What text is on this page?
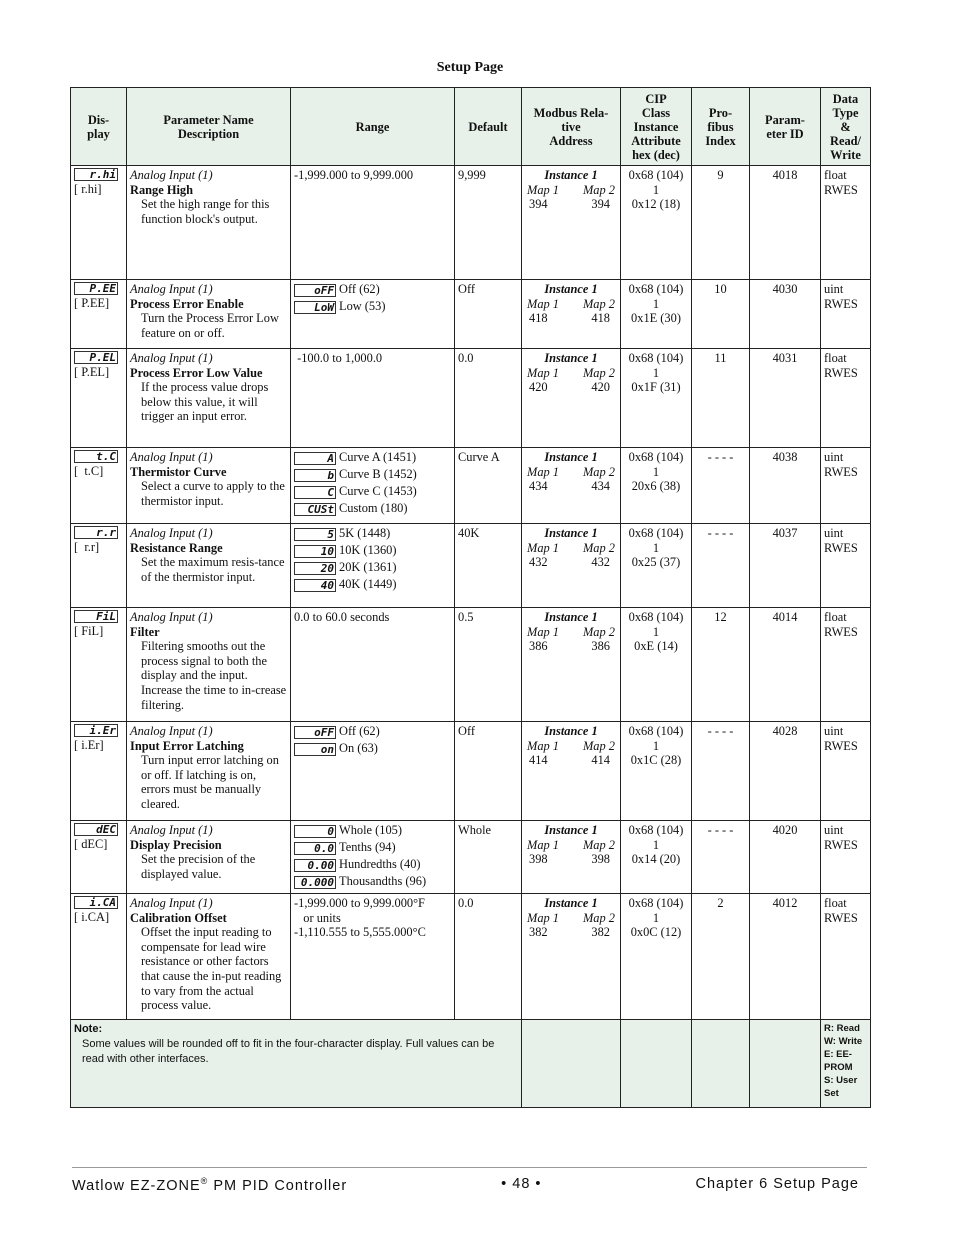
Setup Page
Dis-
play	Parameter Name
Description	Range	Default	Modbus Rela-
tive
Address	CIP
Class
Instance
Attribute
hex (dec)	Pro-
fibus
Index	Param-
eter ID	Data
Type
&
Read/
Write

r.hi
[ r.hi]	Analog Input (1)
Range High
Set the high range for this function block's output.	-1,999.000 to 9,999.000	9,999	Instance 1
Map 1 Map 2
394 394	0x68 (104)
1
0x12 (18)	9	4018	float
RWES

P.EE
[ P.EE]	Analog Input (1)
Process Error Enable
Turn the Process Error Low feature on or off.	oFF Off (62)
LoW Low (53)	Off	Instance 1
Map 1 Map 2
418 418	0x68 (104)
1
0x1E (30)	10	4030	uint
RWES

P.EL
[ P.EL]	Analog Input (1)
Process Error Low Value
If the process value drops below this value, it will trigger an input error.	-100.0 to 1,000.0	0.0	Instance 1
Map 1 Map 2
420 420	0x68 (104)
1
0x1F (31)	11	4031	float
RWES

t.C
[  t.C]	Analog Input (1)
Thermistor Curve
Select a curve to apply to the thermistor input.	A Curve A (1451)
b Curve B (1452)
C Curve C (1453)
CUSt Custom (180)	Curve A	Instance 1
Map 1 Map 2
434 434	0x68 (104)
1
20x6 (38)	- - - -	4038	uint
RWES

r.r
[  r.r]	Analog Input (1)
Resistance Range
Set the maximum resis-tance of the thermistor input.	5 5K (1448)
10 10K (1360)
20 20K (1361)
40 40K (1449)	40K	Instance 1
Map 1 Map 2
432 432	0x68 (104)
1
0x25 (37)	- - - -	4037	uint
RWES

FiL
[ FiL]	Analog Input (1)
Filter
Filtering smooths out the process signal to both the display and the input. Increase the time to in-crease filtering.	0.0 to 60.0 seconds	0.5	Instance 1
Map 1 Map 2
386 386	0x68 (104)
1
0xE (14)	12	4014	float
RWES

i.Er
[ i.Er]	Analog Input (1)
Input Error Latching
Turn input error latching on or off. If latching is on, errors must be manually cleared.	oFF Off (62)
on On (63)	Off	Instance 1
Map 1 Map 2
414 414	0x68 (104)
1
0x1C (28)	- - - -	4028	uint
RWES

dEC
[ dEC]	Analog Input (1)
Display Precision
Set the precision of the displayed value.	0 Whole (105)
0.0 Tenths (94)
0.00 Hundredths (40)
0.000 Thousandths (96)	Whole	Instance 1
Map 1 Map 2
398 398	0x68 (104)
1
0x14 (20)	- - - -	4020	uint
RWES

i.CA
[ i.CA]	Analog Input (1)
Calibration Offset
Offset the input reading to compensate for lead wire resistance or other factors that cause the in-put reading to vary from the actual process value.	-1,999.000 to 9,999.000°F
or units
-1,110.555 to 5,555.000°C	0.0	Instance 1
Map 1 Map 2
382 382	0x68 (104)
1
0x0C (12)	2	4012	float
RWES

Note:
Some values will be rounded off to fit in the four-character display. Full values can be read with other interfaces.								R: Read
W: Write
E: EE-PROM
S: User Set
Watlow EZ-ZONE® PM PID Controller	• 48 •	Chapter 6 Setup Page
